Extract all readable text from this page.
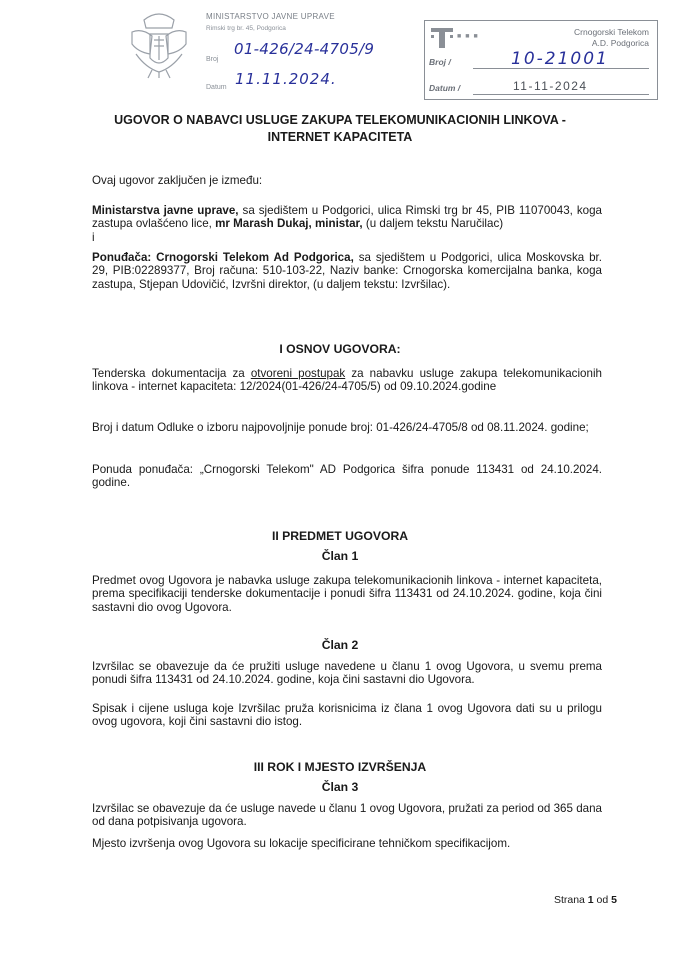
MINISTARSTVO JAVNE UPRAVE
Rimski trg br. 45, Podgorica
Broj
Datum
01-426/24-4705/9
11.11.2024.
■■■	Crnogorski Telekom
A.D. Podgorica
Broj /	10-21001
Datum /	11-11-2024
UGOVOR O NABAVCI USLUGE ZAKUPA TELEKOMUNIKACIONIH LINKOVA -
INTERNET KAPACITETA
Ovaj ugovor zaključen je između:
Ministarstva javne uprave, sa sjedištem u Podgorici, ulica Rimski trg br 45, PIB 11070043, koga zastupa ovlašćeno lice, mr Marash Dukaj, ministar, (u daljem tekstu Naručilac)
i
Ponuđača: Crnogorski Telekom Ad Podgorica, sa sjedištem u Podgorici, ulica Moskovska br. 29, PIB:02289377, Broj računa: 510-103-22, Naziv banke: Crnogorska komercijalna banka, koga zastupa, Stjepan Udovičić, Izvršni direktor, (u daljem tekstu: Izvršilac).
I OSNOV UGOVORA:
Tenderska dokumentacija za otvoreni postupak za nabavku usluge zakupa telekomunikacionih linkova - internet kapaciteta: 12/2024(01-426/24-4705/5) od 09.10.2024.godine
Broj i datum Odluke o izboru najpovoljnije ponude broj: 01-426/24-4705/8 od 08.11.2024. godine;
Ponuda ponuđača: „Crnogorski Telekom" AD Podgorica šifra ponude 113431 od 24.10.2024. godine.
II PREDMET UGOVORA
Član 1
Predmet ovog Ugovora je nabavka usluge zakupa telekomunikacionih linkova - internet kapaciteta, prema specifikaciji tenderske dokumentacije i ponudi šifra 113431 od 24.10.2024. godine, koja čini sastavni dio ovog Ugovora.
Član 2
Izvršilac se obavezuje da će pružiti usluge navedene u članu 1 ovog Ugovora, u svemu prema ponudi šifra 113431 od 24.10.2024. godine, koja čini sastavni dio Ugovora.
Spisak i cijene usluga koje Izvršilac pruža korisnicima iz člana 1 ovog Ugovora dati su u prilogu ovog ugovora, koji čini sastavni dio istog.
III ROK I MJESTO IZVRŠENJA
Član 3
Izvršilac se obavezuje da će usluge navede u članu 1 ovog Ugovora, pružati za period od 365 dana od dana potpisivanja ugovora.
Mjesto izvršenja ovog Ugovora su lokacije specificirane tehničkom specifikacijom.
Strana 1 od 5
